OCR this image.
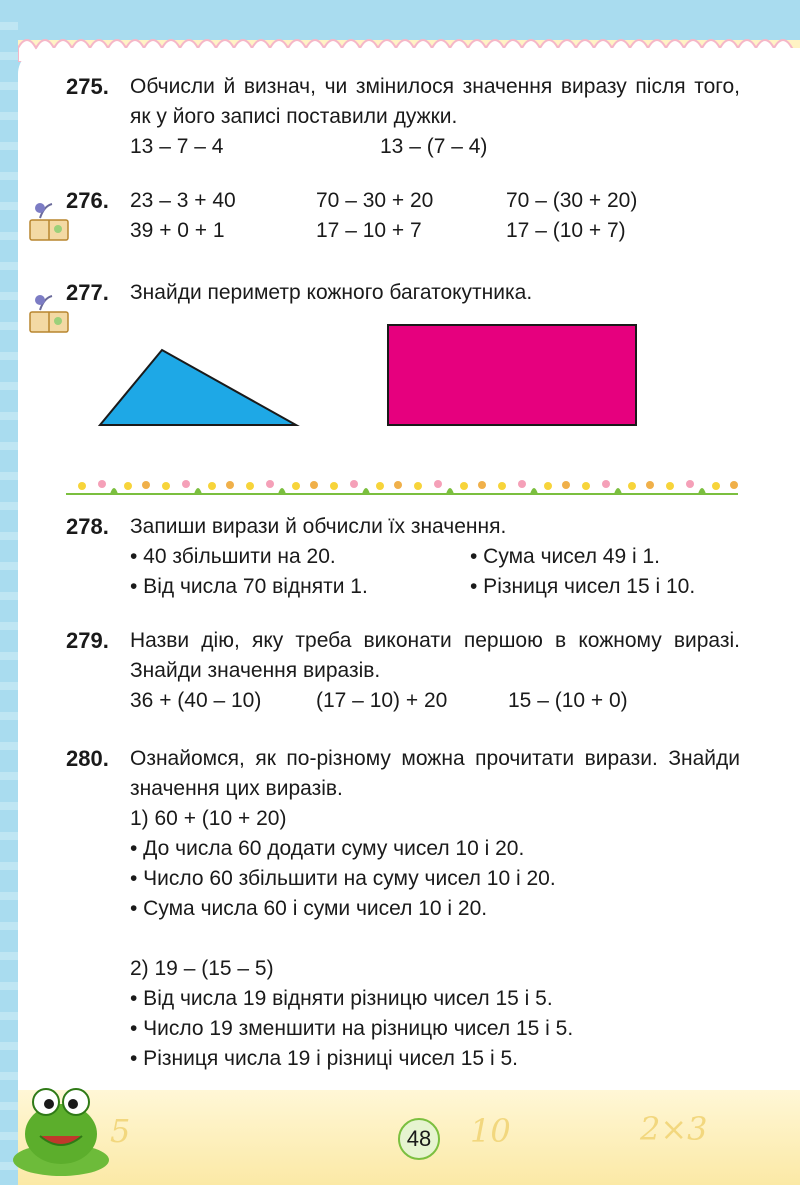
5	10	2×3
275. Обчисли й визнач, чи змінилося значення виразу після того, як у його записі поставили дужки.
13 – 7 – 4	13 – (7 – 4)
276. 23 – 3 + 40	70 – 30 + 20	70 – (30 + 20)
39 + 0 + 1	17 – 10 + 7	17 – (10 + 7)
277. Знайди периметр кожного багатокутника.
278. Запиши вирази й обчисли їх значення.
• 40 збільшити на 20.	• Сума чисел 49 і 1.
• Від числа 70 відняти 1.	• Різниця чисел 15 і 10.
279. Назви дію, яку треба виконати першою в кожному виразі. Знайди значення виразів.
36 + (40 – 10)	(17 – 10) + 20	15 – (10 + 0)
280. Ознайомся, як по-різному можна прочитати вирази. Знайди значення цих виразів.
1) 60 + (10 + 20)
• До числа 60 додати суму чисел 10 і 20.
• Число 60 збільшити на суму чисел 10 і 20.
• Сума числа 60 і суми чисел 10 і 20.
2) 19 – (15 – 5)
• Від числа 19 відняти різницю чисел 15 і 5.
• Число 19 зменшити на різницю чисел 15 і 5.
• Різниця числа 19 і різниці чисел 15 і 5.
48
